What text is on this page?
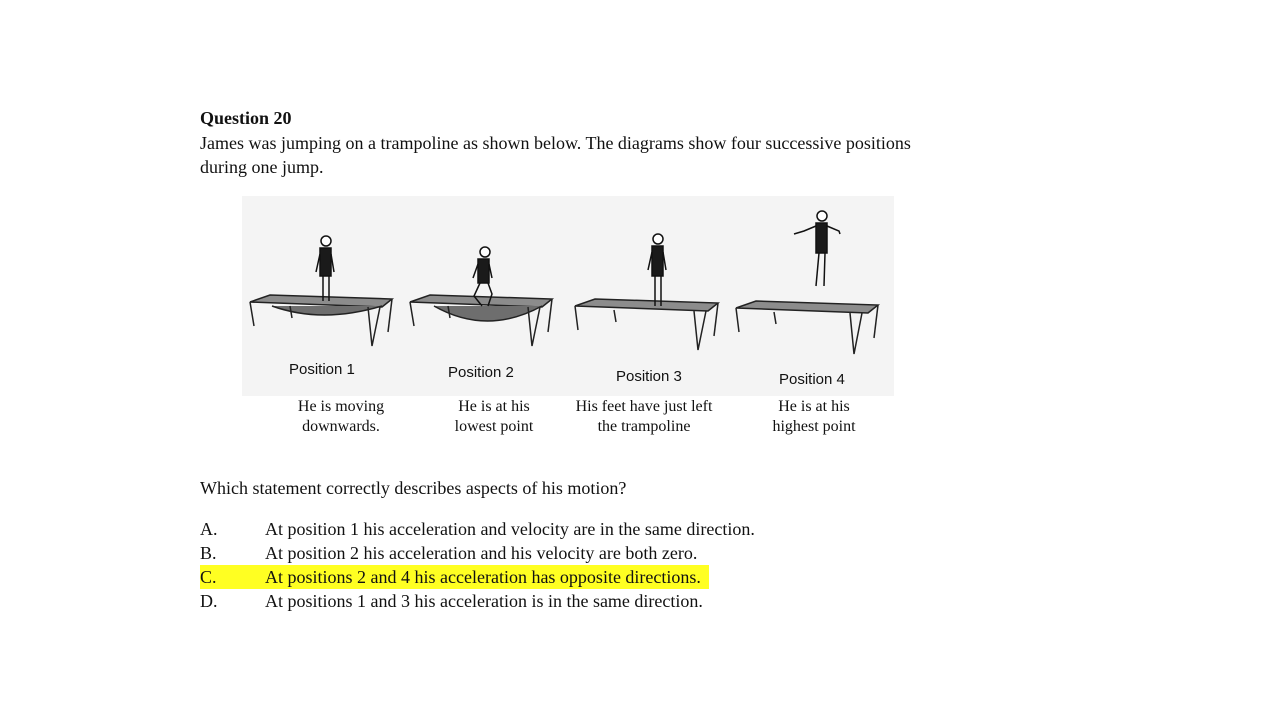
Question 20
James was jumping on a trampoline as shown below. The diagrams show four successive positions during one jump.
Position 1	Position 2	Position 3	Position 4
He is moving
downwards.
He is at his
lowest point
His feet have just left
the trampoline
He is at his
highest point
Which statement correctly describes aspects of his motion?
A.	At position 1 his acceleration and velocity are in the same direction.
B.	At position 2 his acceleration and his velocity are both zero.
C.	At positions 2 and 4 his acceleration has opposite directions.
D.	At positions 1 and 3 his acceleration is in the same direction.
